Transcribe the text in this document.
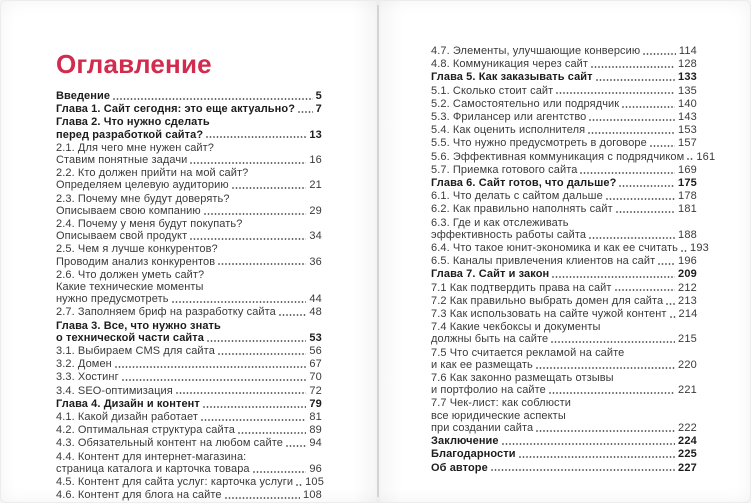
Оглавление
Введение	5
Глава 1. Сайт сегодня: это еще актуально? 7
Глава 2. Что нужно сделать
перед разработкой сайта?	13
2.1. Для чего мне нужен сайт?
Ставим понятные задачи	16
2.2. Кто должен прийти на мой сайт?
Определяем целевую аудиторию	21
2.3. Почему мне будут доверять?
Описываем свою компанию	29
2.4. Почему у меня будут покупать?
Описываем свой продукт	34
2.5. Чем я лучше конкурентов?
Проводим анализ конкурентов	36
2.6. Что должен уметь сайт?
Какие технические моменты
нужно предусмотреть	44
2.7. Заполняем бриф на разработку сайта	48
Глава 3. Все, что нужно знать
о технической части сайта	53
3.1. Выбираем CMS для сайта	56
3.2. Домен	67
3.3. Хостинг	70
3.4. SEO-оптимизация	72
Глава 4. Дизайн и контент	79
4.1. Какой дизайн работает	81
4.2. Оптимальная структура сайта	89
4.3. Обязательный контент на любом сайте 94
4.4. Контент для интернет-магазина:
страница каталога и карточка товара	96
4.5. Контент для сайта услуг: карточка услуги 105
4.6. Контент для блога на сайте	108
4.7. Элементы, улучшающие конверсию	114
4.8. Коммуникация через сайт	128
Глава 5. Как заказывать сайт	133
5.1. Сколько стоит сайт	135
5.2. Самостоятельно или подрядчик	140
5.3. Фрилансер или агентство	143
5.4. Как оценить исполнителя	153
5.5. Что нужно предусмотреть в договоре	157
5.6. Эффективная коммуникация с подрядчиком 161
5.7. Приемка готового сайта	169
Глава 6. Сайт готов, что дальше?	175
6.1. Что делать с сайтом дальше	178
6.2. Как правильно наполнять сайт	181
6.3. Где и как отслеживать
эффективность работы сайта	188
6.4. Что такое юнит-экономика и как ее считать 193
6.5. Каналы привлечения клиентов на сайт 196
Глава 7. Сайт и закон	209
7.1 Как подтвердить права на сайт	212
7.2 Как правильно выбрать домен для сайта 213
7.3 Как использовать на сайте чужой контент 214
7.4 Какие чекбоксы и документы
должны быть на сайте	215
7.5 Что считается рекламой на сайте
и как ее размещать	220
7.6 Как законно размещать отзывы
и портфолио на сайте	221
7.7 Чек-лист: как соблюсти
все юридические аспекты
при создании сайта	222
Заключение	224
Благодарности	225
Об авторе	227
